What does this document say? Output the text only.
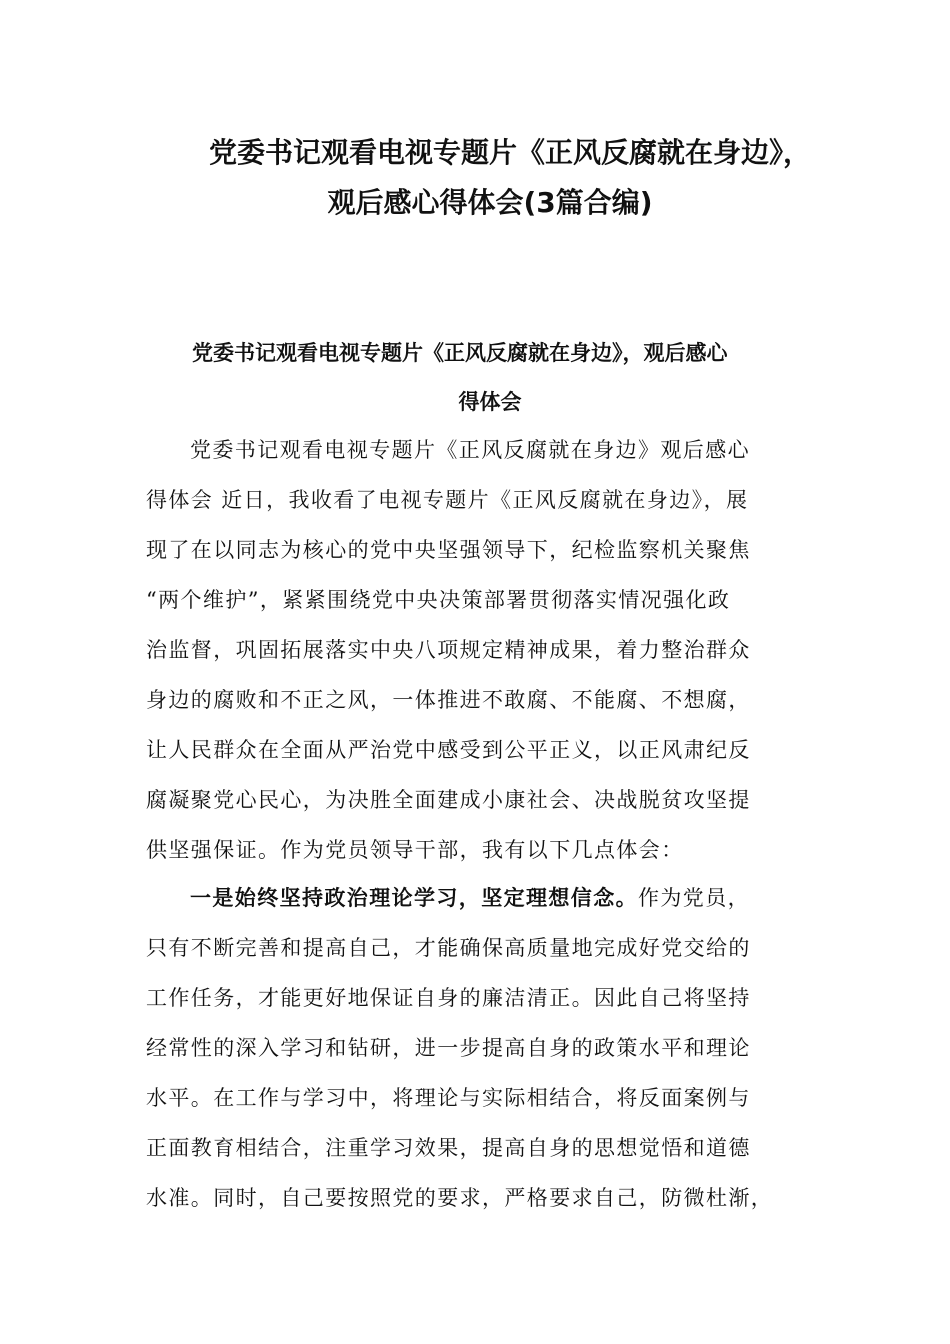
党委书记观看电视专题片《正风反腐就在身边》，
观后感心得体会(3篇合编)
党委书记观看电视专题片《正风反腐就在身边》，观后感心
得体会
党委书记观看电视专题片《正风反腐就在身边》观后感心
得体会 近日，我收看了电视专题片《正风反腐就在身边》，展
现了在以同志为核心的党中央坚强领导下，纪检监察机关聚焦
“两个维护”，紧紧围绕党中央决策部署贯彻落实情况强化政
治监督，巩固拓展落实中央八项规定精神成果，着力整治群众
身边的腐败和不正之风，一体推进不敢腐、不能腐、不想腐，
让人民群众在全面从严治党中感受到公平正义，以正风肃纪反
腐凝聚党心民心，为决胜全面建成小康社会、决战脱贫攻坚提
供坚强保证。作为党员领导干部，我有以下几点体会：
一是始终坚持政治理论学习，坚定理想信念。作为党员，
只有不断完善和提高自己，才能确保高质量地完成好党交给的
工作任务，才能更好地保证自身的廉洁清正。因此自己将坚持
经常性的深入学习和钻研，进一步提高自身的政策水平和理论
水平。在工作与学习中，将理论与实际相结合，将反面案例与
正面教育相结合，注重学习效果，提高自身的思想觉悟和道德
水准。同时，自己要按照党的要求，严格要求自己，防微杜渐，
